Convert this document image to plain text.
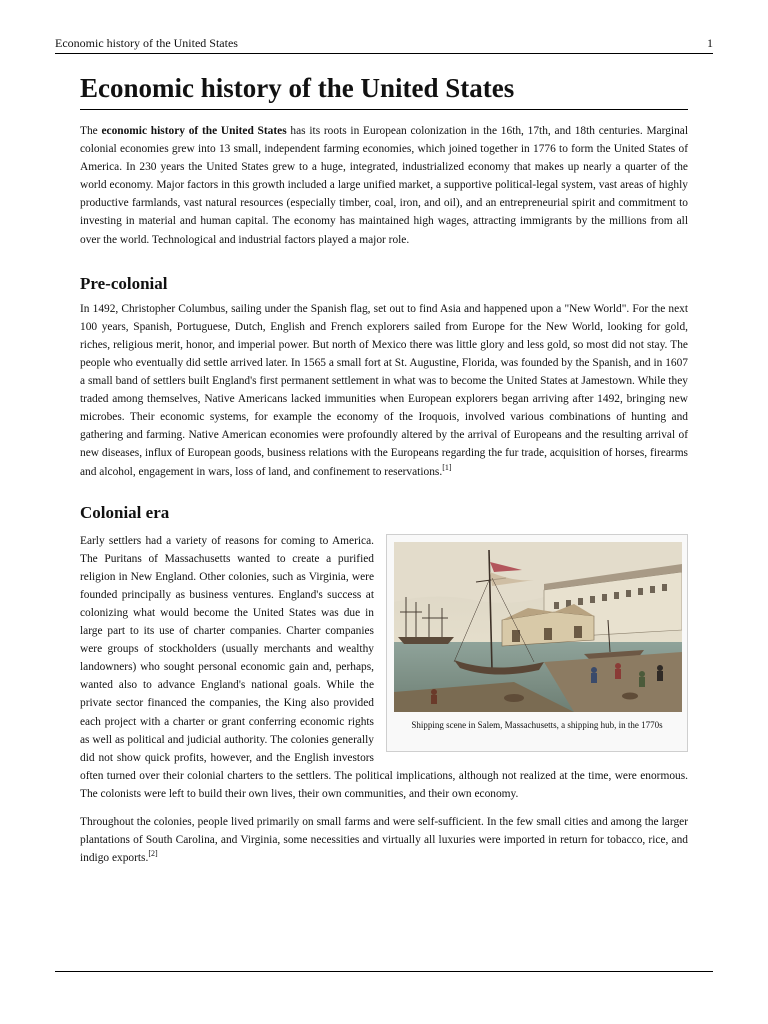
Economic history of the United States	1
Economic history of the United States

The economic history of the United States has its roots in European colonization in the 16th, 17th, and 18th centuries. Marginal colonial economies grew into 13 small, independent farming economies, which joined together in 1776 to form the United States of America. In 230 years the United States grew to a huge, integrated, industrialized economy that makes up nearly a quarter of the world economy. Major factors in this growth included a large unified market, a supportive political-legal system, vast areas of highly productive farmlands, vast natural resources (especially timber, coal, iron, and oil), and an entrepreneurial spirit and commitment to investing in material and human capital. The economy has maintained high wages, attracting immigrants by the millions from all over the world. Technological and industrial factors played a major role.

Pre-colonial

In 1492, Christopher Columbus, sailing under the Spanish flag, set out to find Asia and happened upon a "New World". For the next 100 years, Spanish, Portuguese, Dutch, English and French explorers sailed from Europe for the New World, looking for gold, riches, religious merit, honor, and imperial power. But north of Mexico there was little glory and less gold, so most did not stay. The people who eventually did settle arrived later. In 1565 a small fort at St. Augustine, Florida, was founded by the Spanish, and in 1607 a small band of settlers built England's first permanent settlement in what was to become the United States at Jamestown. While they traded among themselves, Native Americans lacked immunities when European explorers began arriving after 1492, bringing new microbes. Their economic systems, for example the economy of the Iroquois, involved various combinations of hunting and gathering and farming. Native American economies were profoundly altered by the arrival of Europeans and the resulting arrival of new diseases, influx of European goods, business relations with the Europeans regarding the fur trade, acquisition of horses, firearms and alcohol, engagement in wars, loss of land, and confinement to reservations.[1]

Colonial era
Shipping scene in Salem, Massachusetts, a shipping hub, in the 1770s

Early settlers had a variety of reasons for coming to America. The Puritans of Massachusetts wanted to create a purified religion in New England. Other colonies, such as Virginia, were founded principally as business ventures. England's success at colonizing what would become the United States was due in large part to its use of charter companies. Charter companies were groups of stockholders (usually merchants and wealthy landowners) who sought personal economic gain and, perhaps, wanted also to advance England's national goals. While the private sector financed the companies, the King also provided each project with a charter or grant conferring economic rights as well as political and judicial authority. The colonies generally did not show quick profits, however, and the English investors often turned over their colonial charters to the settlers. The political implications, although not realized at the time, were enormous. The colonists were left to build their own lives, their own communities, and their own economy.

Throughout the colonies, people lived primarily on small farms and were self-sufficient. In the few small cities and among the larger plantations of South Carolina, and Virginia, some necessities and virtually all luxuries were imported in return for tobacco, rice, and indigo exports.[2]
